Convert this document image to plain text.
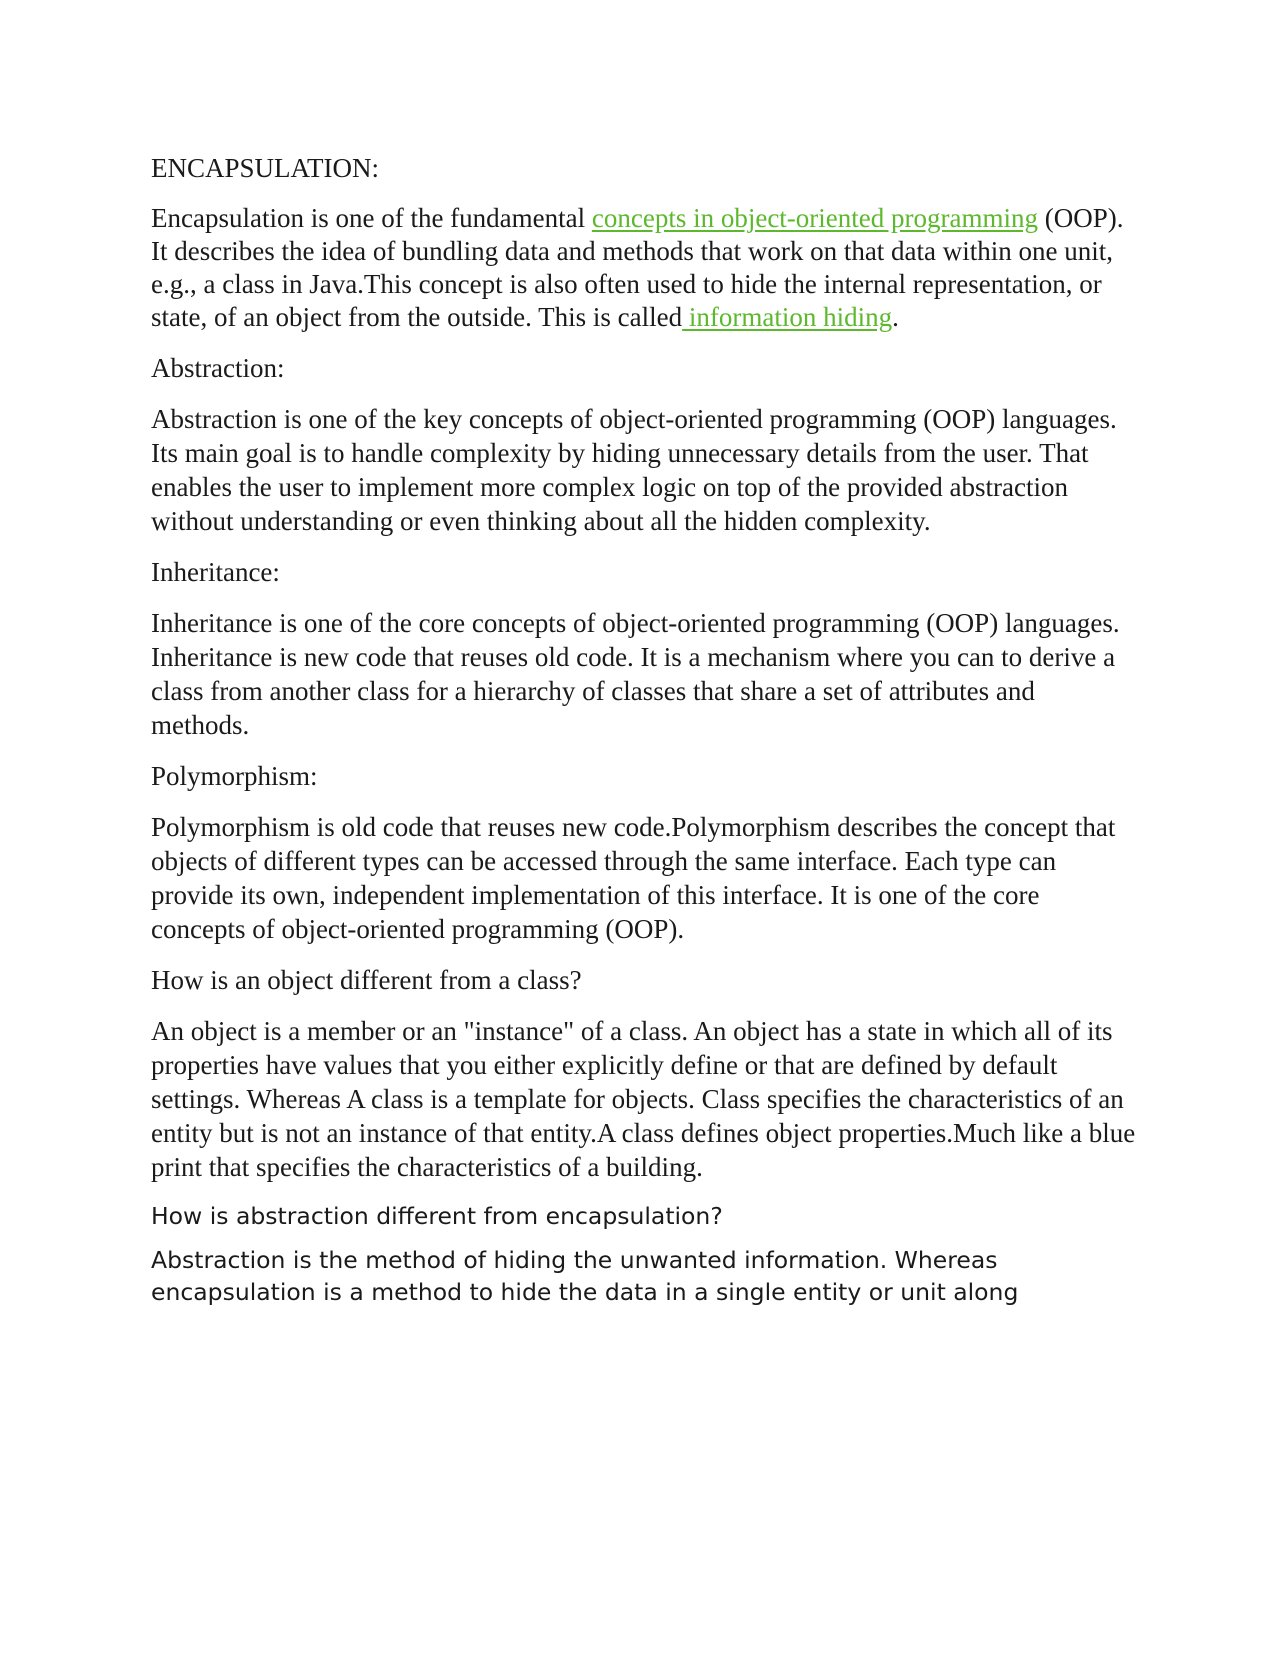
ENCAPSULATION:

Encapsulation is one of the fundamental concepts in object-oriented programming (OOP). It describes the idea of bundling data and methods that work on that data within one unit, e.g., a class in Java.This concept is also often used to hide the internal representation, or state, of an object from the outside. This is called information hiding.

Abstraction:

Abstraction is one of the key concepts of object-oriented programming (OOP) languages. Its main goal is to handle complexity by hiding unnecessary details from the user. That enables the user to implement more complex logic on top of the provided abstraction without understanding or even thinking about all the hidden complexity.

Inheritance:

Inheritance is one of the core concepts of object-oriented programming (OOP) languages. Inheritance is new code that reuses old code. It is a mechanism where you can to derive a class from another class for a hierarchy of classes that share a set of attributes and methods.

Polymorphism:

Polymorphism is old code that reuses new code.Polymorphism describes the concept that objects of different types can be accessed through the same interface. Each type can provide its own, independent implementation of this interface. It is one of the core concepts of object-oriented programming (OOP).

How is an object different from a class?

An object is a member or an "instance" of a class. An object has a state in which all of its properties have values that you either explicitly define or that are defined by default settings. Whereas A class is a template for objects. Class specifies the characteristics of an entity but is not an instance of that entity.A class defines object properties.Much like a blue print that specifies the characteristics of a building.

How is abstraction different from encapsulation?

Abstraction is the method of hiding the unwanted information. Whereas encapsulation is a method to hide the data in a single entity or unit along
